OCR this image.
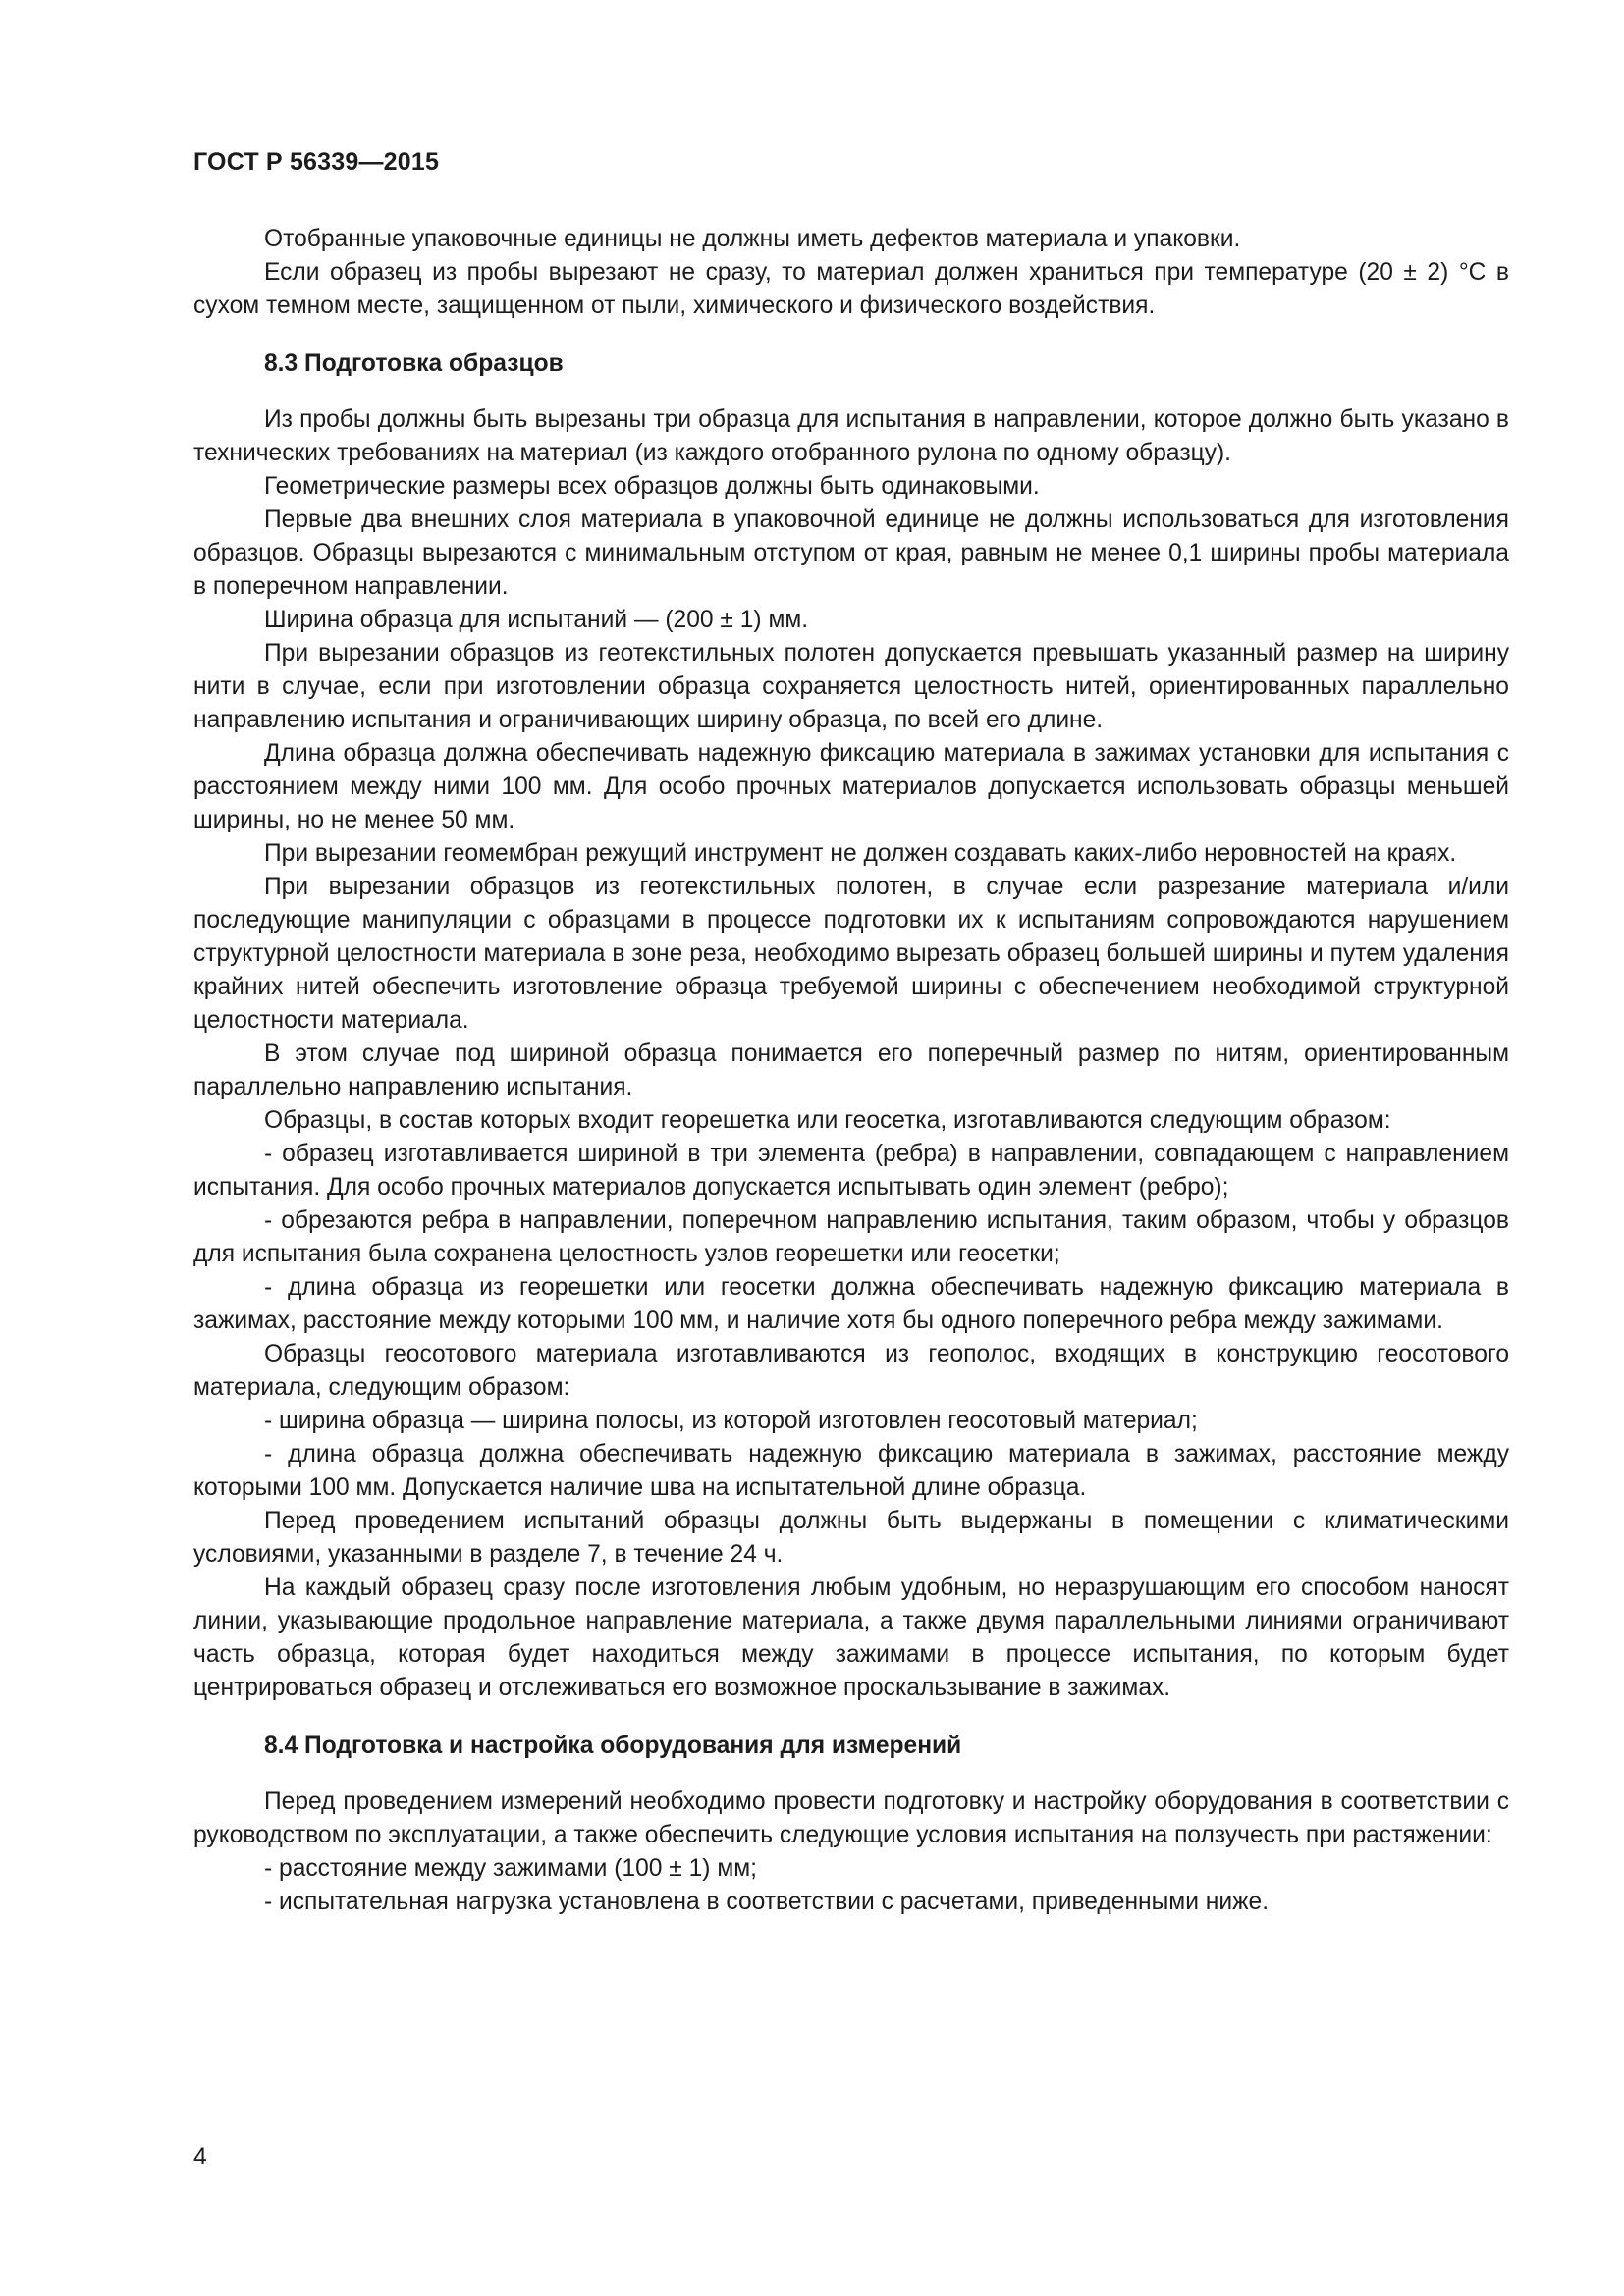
ГОСТ Р 56339—2015

Отобранные упаковочные единицы не должны иметь дефектов материала и упаковки.

Если образец из пробы вырезают не сразу, то материал должен храниться при температуре (20 ± 2) °С в сухом темном месте, защищенном от пыли, химического и физического воздействия.

8.3 Подготовка образцов

Из пробы должны быть вырезаны три образца для испытания в направлении, которое должно быть указано в технических требованиях на материал (из каждого отобранного рулона по одному образцу).

Геометрические размеры всех образцов должны быть одинаковыми.

Первые два внешних слоя материала в упаковочной единице не должны использоваться для изготовления образцов. Образцы вырезаются с минимальным отступом от края, равным не менее 0,1 ширины пробы материала в поперечном направлении.

Ширина образца для испытаний — (200 ± 1) мм.

При вырезании образцов из геотекстильных полотен допускается превышать указанный размер на ширину нити в случае, если при изготовлении образца сохраняется целостность нитей, ориентированных параллельно направлению испытания и ограничивающих ширину образца, по всей его длине.

Длина образца должна обеспечивать надежную фиксацию материала в зажимах установки для испытания с расстоянием между ними 100 мм. Для особо прочных материалов допускается использовать образцы меньшей ширины, но не менее 50 мм.

При вырезании геомембран режущий инструмент не должен создавать каких-либо неровностей на краях.

При вырезании образцов из геотекстильных полотен, в случае если разрезание материала и/или последующие манипуляции с образцами в процессе подготовки их к испытаниям сопровождаются нарушением структурной целостности материала в зоне реза, необходимо вырезать образец большей ширины и путем удаления крайних нитей обеспечить изготовление образца требуемой ширины с обеспечением необходимой структурной целостности материала.

В этом случае под шириной образца понимается его поперечный размер по нитям, ориентированным параллельно направлению испытания.

Образцы, в состав которых входит георешетка или геосетка, изготавливаются следующим образом:

- образец изготавливается шириной в три элемента (ребра) в направлении, совпадающем с направлением испытания. Для особо прочных материалов допускается испытывать один элемент (ребро);

- обрезаются ребра в направлении, поперечном направлению испытания, таким образом, чтобы у образцов для испытания была сохранена целостность узлов георешетки или геосетки;

- длина образца из георешетки или геосетки должна обеспечивать надежную фиксацию материала в зажимах, расстояние между которыми 100 мм, и наличие хотя бы одного поперечного ребра между зажимами.

Образцы геосотового материала изготавливаются из геополос, входящих в конструкцию геосотового материала, следующим образом:

- ширина образца — ширина полосы, из которой изготовлен геосотовый материал;

- длина образца должна обеспечивать надежную фиксацию материала в зажимах, расстояние между которыми 100 мм. Допускается наличие шва на испытательной длине образца.

Перед проведением испытаний образцы должны быть выдержаны в помещении с климатическими условиями, указанными в разделе 7, в течение 24 ч.

На каждый образец сразу после изготовления любым удобным, но неразрушающим его способом наносят линии, указывающие продольное направление материала, а также двумя параллельными линиями ограничивают часть образца, которая будет находиться между зажимами в процессе испытания, по которым будет центрироваться образец и отслеживаться его возможное проскальзывание в зажимах.

8.4 Подготовка и настройка оборудования для измерений

Перед проведением измерений необходимо провести подготовку и настройку оборудования в соответствии с руководством по эксплуатации, а также обеспечить следующие условия испытания на ползучесть при растяжении:

- расстояние между зажимами (100 ± 1) мм;

- испытательная нагрузка установлена в соответствии с расчетами, приведенными ниже.

4
